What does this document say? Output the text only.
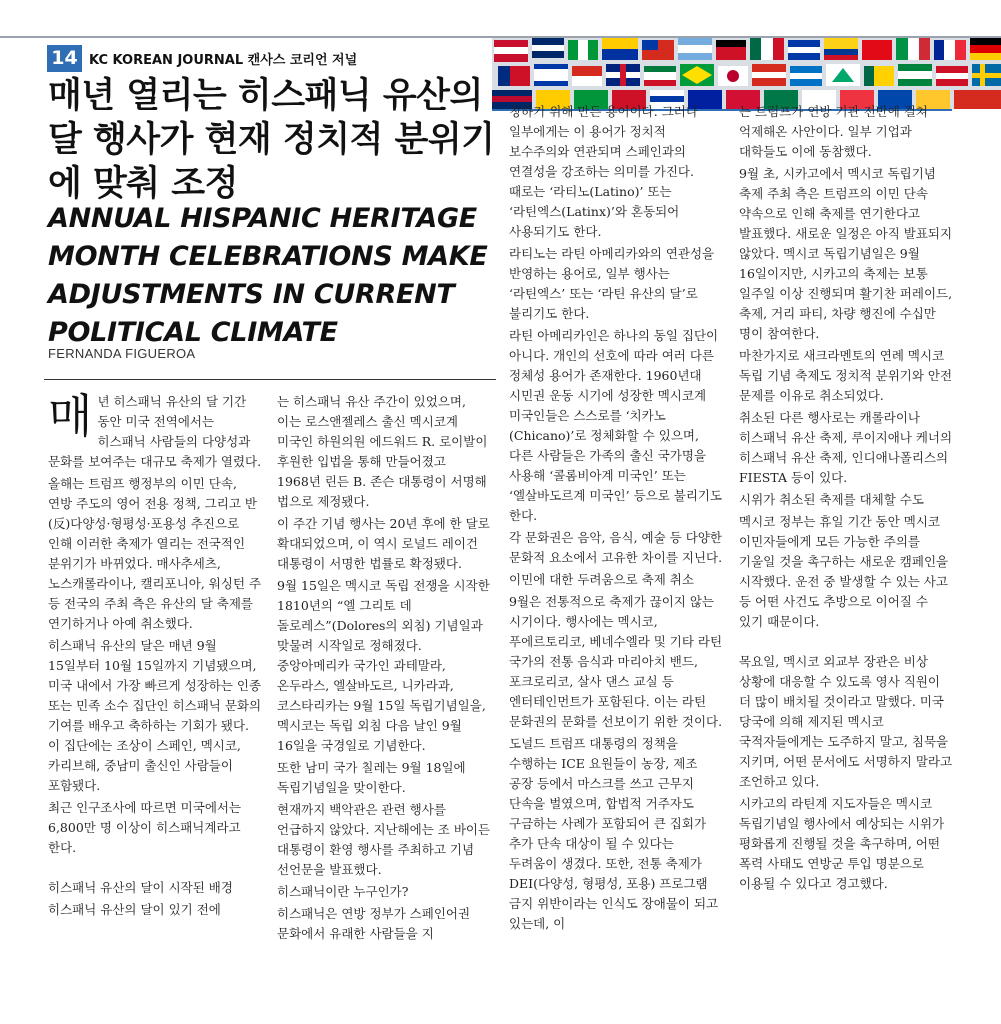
14 KC KOREAN JOURNAL 캔사스 코리언 저널
매년 열리는 히스패닉 유산의 달 행사가 현재 정치적 분위기에 맞춰 조정
ANNUAL HISPANIC HERITAGE MONTH CELEBRATIONS MAKE ADJUSTMENTS IN CURRENT POLITICAL CLIMATE
FERNANDA FIGUEROA

매년 히스패닉 유산의 달 기간 동안 미국 전역에서는 히스패닉 사람들의 다양성과 문화를 보여주는 대규모 축제가 열렸다.

올해는 트럼프 행정부의 이민 단속, 연방 주도의 영어 전용 정책, 그리고 반(反)다양성·형평성·포용성 추진으로 인해 이러한 축제가 열리는 전국적인 분위기가 바뀌었다. 매사추세츠, 노스캐롤라이나, 캘리포니아, 워싱턴 주 등 전국의 주최 측은 유산의 달 축제를 연기하거나 아예 취소했다.

히스패닉 유산의 달은 매년 9월 15일부터 10월 15일까지 기념됐으며, 미국 내에서 가장 빠르게 성장하는 인종 또는 민족 소수 집단인 히스패닉 문화의 기여를 배우고 축하하는 기회가 됐다. 이 집단에는 조상이 스페인, 멕시코, 카리브해, 중남미 출신인 사람들이 포함됐다.

최근 인구조사에 따르면 미국에서는 6,800만 명 이상이 히스패닉계라고 한다.

히스패닉 유산의 달이 시작된 배경

히스패닉 유산의 달이 있기 전에

는 히스패닉 유산 주간이 있었으며, 이는 로스앤젤레스 출신 멕시코계 미국인 하원의원 에드워드 R. 로이발이 후원한 입법을 통해 만들어졌고 1968년 린든 B. 존슨 대통령이 서명해 법으로 제정됐다.

이 주간 기념 행사는 20년 후에 한 달로 확대되었으며, 이 역시 로널드 레이건 대통령이 서명한 법률로 확정됐다.

9월 15일은 멕시코 독립 전쟁을 시작한 1810년의 “엘 그리토 데 돌로레스”(Dolores의 외침) 기념일과 맞물려 시작일로 정해졌다. 중앙아메리카 국가인 과테말라, 온두라스, 엘살바도르, 니카라과, 코스타리카는 9월 15일 독립기념일을, 멕시코는 독립 외침 다음 날인 9월 16일을 국경일로 기념한다.

또한 남미 국가 칠레는 9월 18일에 독립기념일을 맞이한다.

현재까지 백악관은 관련 행사를 언급하지 않았다. 지난해에는 조 바이든 대통령이 환영 행사를 주최하고 기념 선언문을 발표했다.

히스패닉이란 누구인가?

히스패닉은 연방 정부가 스페인어권 문화에서 유래한 사람들을 지

칭하기 위해 만든 용어이다. 그러나 일부에게는 이 용어가 정치적 보수주의와 연관되며 스페인과의 연결성을 강조하는 의미를 가진다. 때로는 ‘라티노(Latino)’ 또는 ‘라틴엑스(Latinx)’와 혼동되어 사용되기도 한다.

라티노는 라틴 아메리카와의 연관성을 반영하는 용어로, 일부 행사는 ‘라틴엑스’ 또는 ‘라틴 유산의 달’로 불리기도 한다.

라틴 아메리카인은 하나의 동일 집단이 아니다. 개인의 선호에 따라 여러 다른 정체성 용어가 존재한다. 1960년대 시민권 운동 시기에 성장한 멕시코계 미국인들은 스스로를 ‘치카노(Chicano)’로 정체화할 수 있으며, 다른 사람들은 가족의 출신 국가명을 사용해 ‘콜롬비아계 미국인’ 또는 ‘엘살바도르계 미국인’ 등으로 불리기도 한다.

각 문화권은 음악, 음식, 예술 등 다양한 문화적 요소에서 고유한 차이를 지닌다.

이민에 대한 두려움으로 축제 취소

9월은 전통적으로 축제가 끊이지 않는 시기이다. 행사에는 멕시코, 푸에르토리코, 베네수엘라 및 기타 라틴 국가의 전통 음식과 마리아치 밴드, 포크로리코, 살사 댄스 교실 등 엔터테인먼트가 포함된다. 이는 라틴 문화권의 문화를 선보이기 위한 것이다.

도널드 트럼프 대통령의 정책을 수행하는 ICE 요원들이 농장, 제조 공장 등에서 마스크를 쓰고 근무지 단속을 벌였으며, 합법적 거주자도 구금하는 사례가 포함되어 큰 집회가 추가 단속 대상이 될 수 있다는 두려움이 생겼다. 또한, 전통 축제가 DEI(다양성, 형평성, 포용) 프로그램 금지 위반이라는 인식도 장애물이 되고 있는데, 이

는 트럼프가 연방 기관 전반에 걸쳐 억제해온 사안이다. 일부 기업과 대학들도 이에 동참했다.

9월 초, 시카고에서 멕시코 독립기념 축제 주최 측은 트럼프의 이민 단속 약속으로 인해 축제를 연기한다고 발표했다. 새로운 일정은 아직 발표되지 않았다. 멕시코 독립기념일은 9월 16일이지만, 시카고의 축제는 보통 일주일 이상 진행되며 활기찬 퍼레이드, 축제, 거리 파티, 차량 행진에 수십만 명이 참여한다.

마찬가지로 새크라멘토의 연례 멕시코 독립 기념 축제도 정치적 분위기와 안전 문제를 이유로 취소되었다.

취소된 다른 행사로는 캐롤라이나 히스패닉 유산 축제, 루이지애나 케너의 히스패닉 유산 축제, 인디애나폴리스의 FIESTA 등이 있다.

시위가 취소된 축제를 대체할 수도

멕시코 정부는 휴일 기간 동안 멕시코 이민자들에게 모든 가능한 주의를 기울일 것을 촉구하는 새로운 캠페인을 시작했다. 운전 중 발생할 수 있는 사고 등 어떤 사건도 추방으로 이어질 수 있기 때문이다.

목요일, 멕시코 외교부 장관은 비상 상황에 대응할 수 있도록 영사 직원이 더 많이 배치될 것이라고 말했다. 미국 당국에 의해 제지된 멕시코 국적자들에게는 도주하지 말고, 침묵을 지키며, 어떤 문서에도 서명하지 말라고 조언하고 있다.

시카고의 라틴계 지도자들은 멕시코 독립기념일 행사에서 예상되는 시위가 평화롭게 진행될 것을 촉구하며, 어떤 폭력 사태도 연방군 투입 명분으로 이용될 수 있다고 경고했다.
